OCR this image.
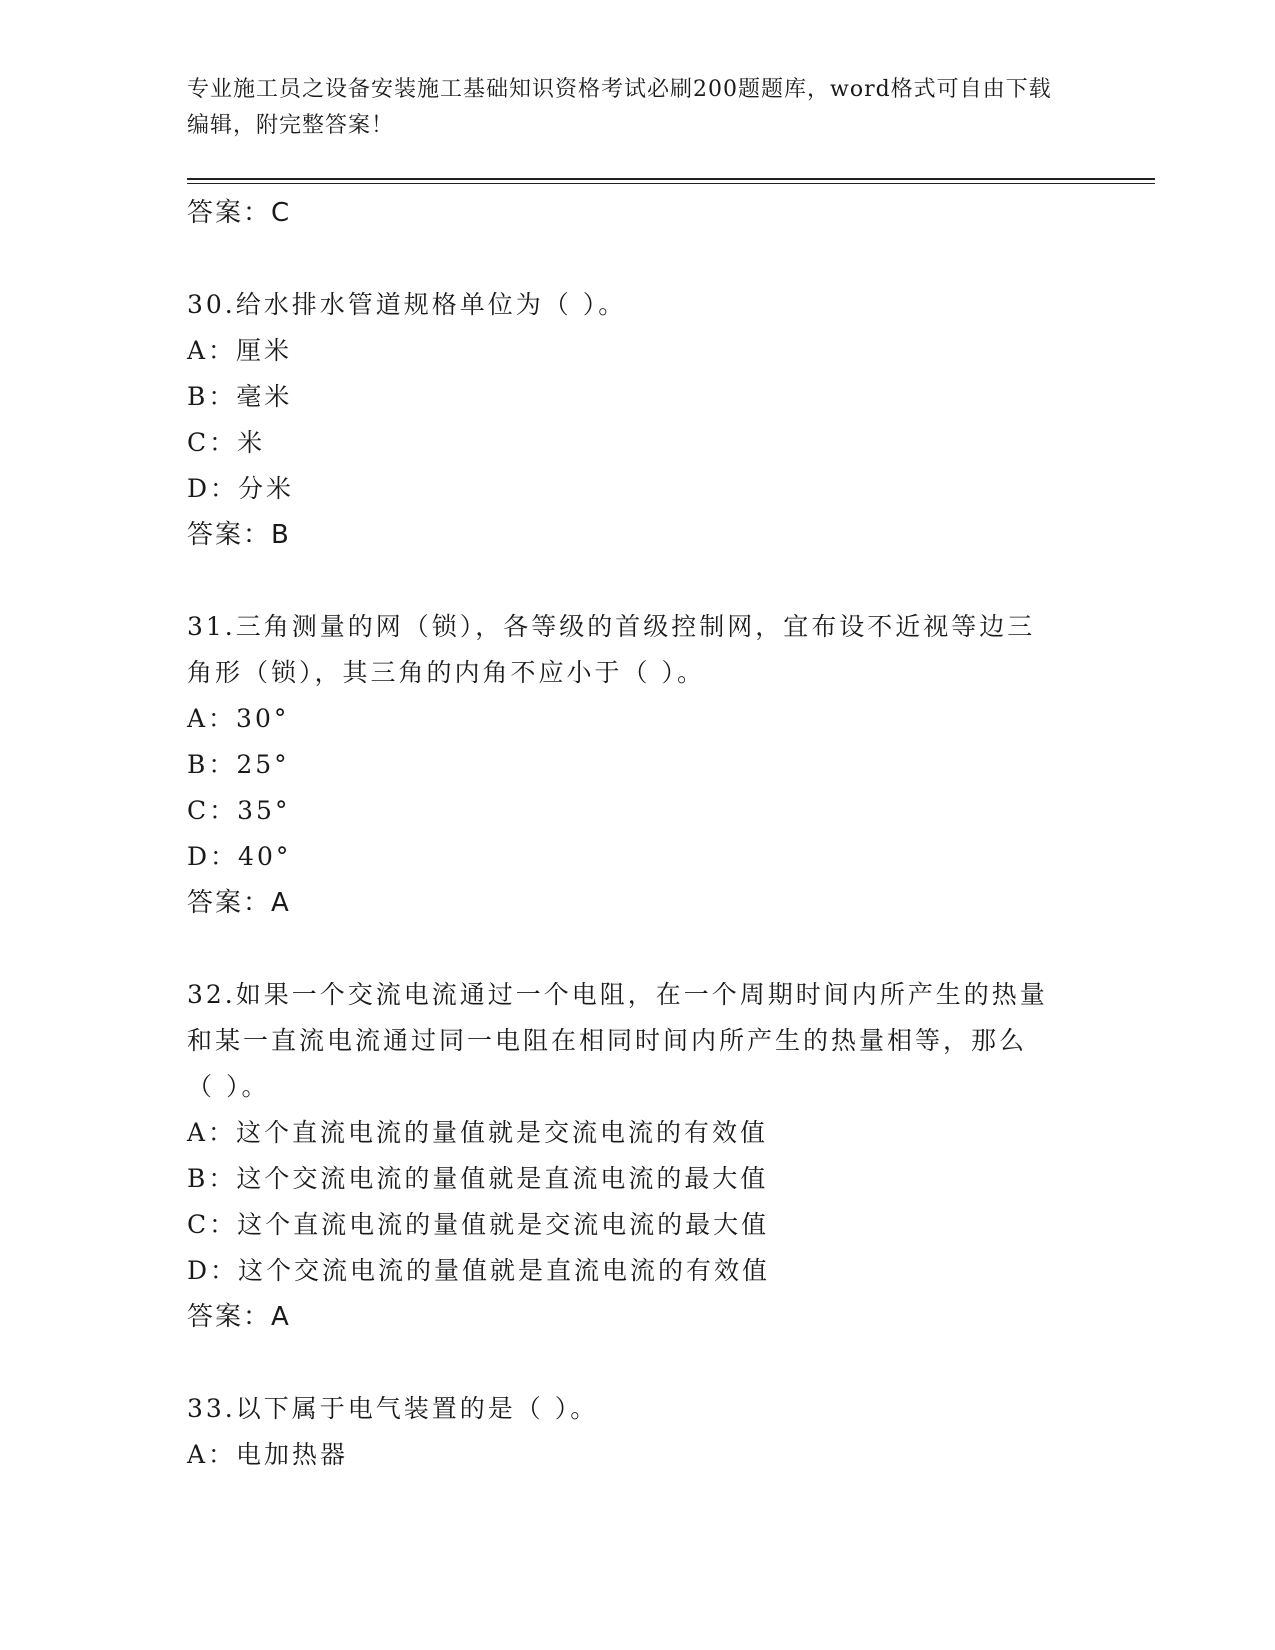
专业施工员之设备安装施工基础知识资格考试必刷200题题库，word格式可自由下载编辑，附完整答案！
答案：C
30.给水排水管道规格单位为（ ）。
A：厘米
B：毫米
C：米
D：分米
答案：B
31.三角测量的网（锁），各等级的首级控制网，宜布设不近视等边三
角形（锁），其三角的内角不应小于（ ）。
A：30°
B：25°
C：35°
D：40°
答案：A
32.如果一个交流电流通过一个电阻，在一个周期时间内所产生的热量
和某一直流电流通过同一电阻在相同时间内所产生的热量相等，那么
（ ）。
A：这个直流电流的量值就是交流电流的有效值
B：这个交流电流的量值就是直流电流的最大值
C：这个直流电流的量值就是交流电流的最大值
D：这个交流电流的量值就是直流电流的有效值
答案：A
33.以下属于电气装置的是（ ）。
A：电加热器
